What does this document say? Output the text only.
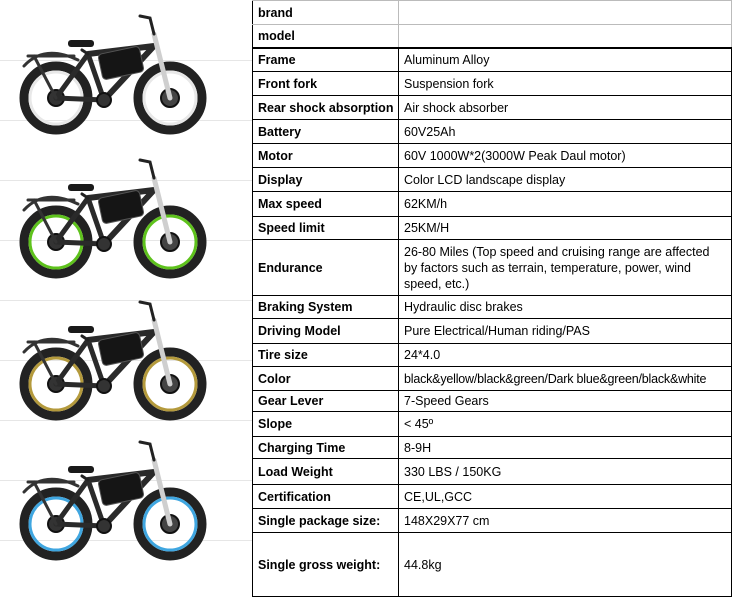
brand	
model	
Frame	Aluminum Alloy
Front fork	Suspension fork
Rear shock absorption	Air shock absorber
Battery	60V25Ah
Motor	60V 1000W*2(3000W Peak Daul motor)
Display	Color LCD landscape display
Max speed	62KM/h
Speed limit	25KM/H
Endurance	26-80 Miles (Top speed and cruising range are affected by factors such as terrain, temperature, power, wind speed, etc.)
Braking System	Hydraulic disc brakes
Driving Model	Pure Electrical/Human riding/PAS
Tire size	24*4.0
Color	black&yellow/black&green/Dark blue&green/black&white
Gear Lever	7-Speed Gears
Slope	< 45º
Charging Time	8-9H
Load Weight	330 LBS / 150KG
Certification	CE,UL,GCC
Single package size:	148X29X77 cm
Single gross weight:	44.8kg
